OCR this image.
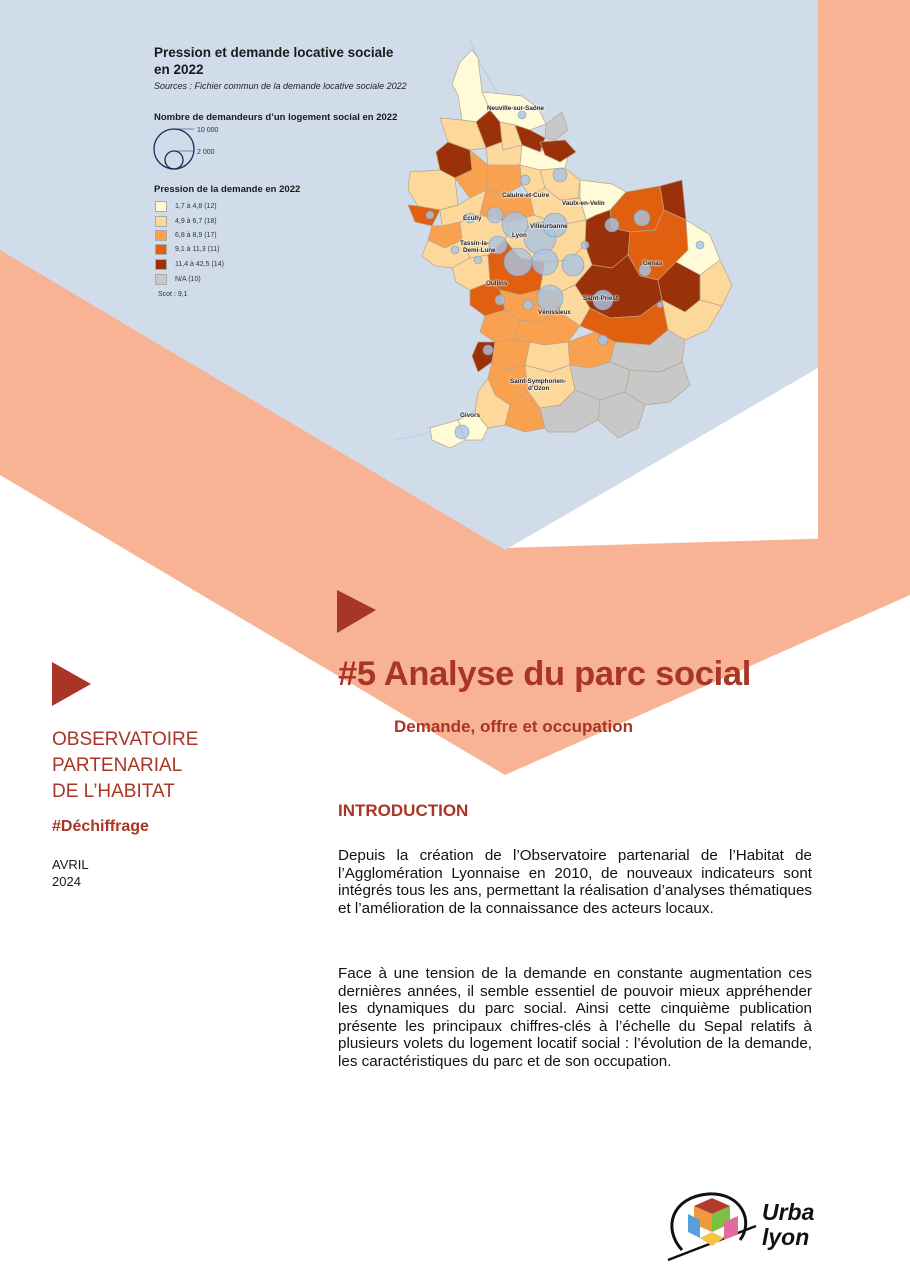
Pression et demande locative sociale
en 2022
Sources : Fichier commun de la demande locative sociale 2022
Nombre de demandeurs d’un logement social en 2022
10 000
2 000
Pression de la demande en 2022
1,7 à 4,8 (12)
4,9 à 6,7 (18)
6,8 à 8,9 (17)
9,1 à 11,3 (11)
11,4 à 42,5 (14)
N/A (10)
Scot : 9,1
Neuville-sur-Saône
Caluire-et-Cuire
Vaulx-en-Velin
Écully
Villeurbanne
Lyon
Tassin-la-
Demi-Lune
Genas
Oullins
Saint-Priest
Vénissieux
Saint-Symphorien-
d’Ozon
Givors
#5 Analyse du parc social
Demande, offre et occupation
OBSERVATOIRE
PARTENARIAL
DE L’HABITAT
#Déchiffrage
AVRIL
2024
INTRODUCTION
Depuis la création de l’Observatoire partenarial de l’Habitat de l’Agglomération Lyonnaise en 2010, de nouveaux indicateurs sont intégrés tous les ans, permettant la réalisation d’analyses thématiques et l’amélioration de la connaissance des acteurs locaux.
Face à une tension de la demande en constante augmentation ces dernières années, il semble essentiel de pouvoir mieux appréhender les dynamiques du parc social. Ainsi cette cinquième publication présente les principaux chiffres-clés à l’échelle du Sepal relatifs à plusieurs volets du logement locatif social : l’évolution de la demande, les caractéristiques du parc et de son occupation.
Urba
lyon
